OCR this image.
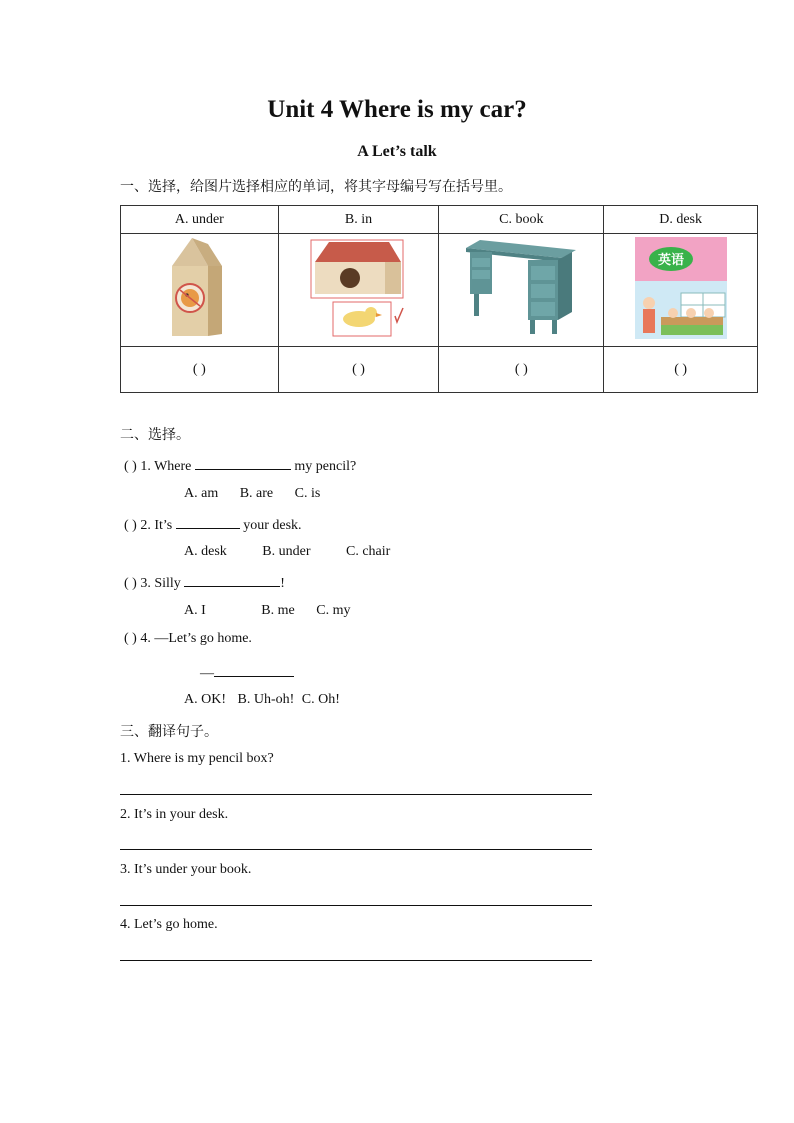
Unit 4 Where is my car?
A Let’s talk
一、选择，给图片选择相应的单词，将其字母编号写在括号里。
A. under	B. in	C. book	D. desk

英语

( )	( )	( )	( )
二、选择。
( ) 1. Where	my pencil?
A. am B. are C. is
( ) 2. It’s	your desk.
A. desk	B. under	C. chair
( ) 3. Silly	!
A. I	B. me C. my
( ) 4. —Let’s go home.
—
A. OK! B. Uh-oh! C. Oh!
三、翻译句子。
1. Where is my pencil box?
2. It’s in your desk.
3. It’s under your book.
4. Let’s go home.
